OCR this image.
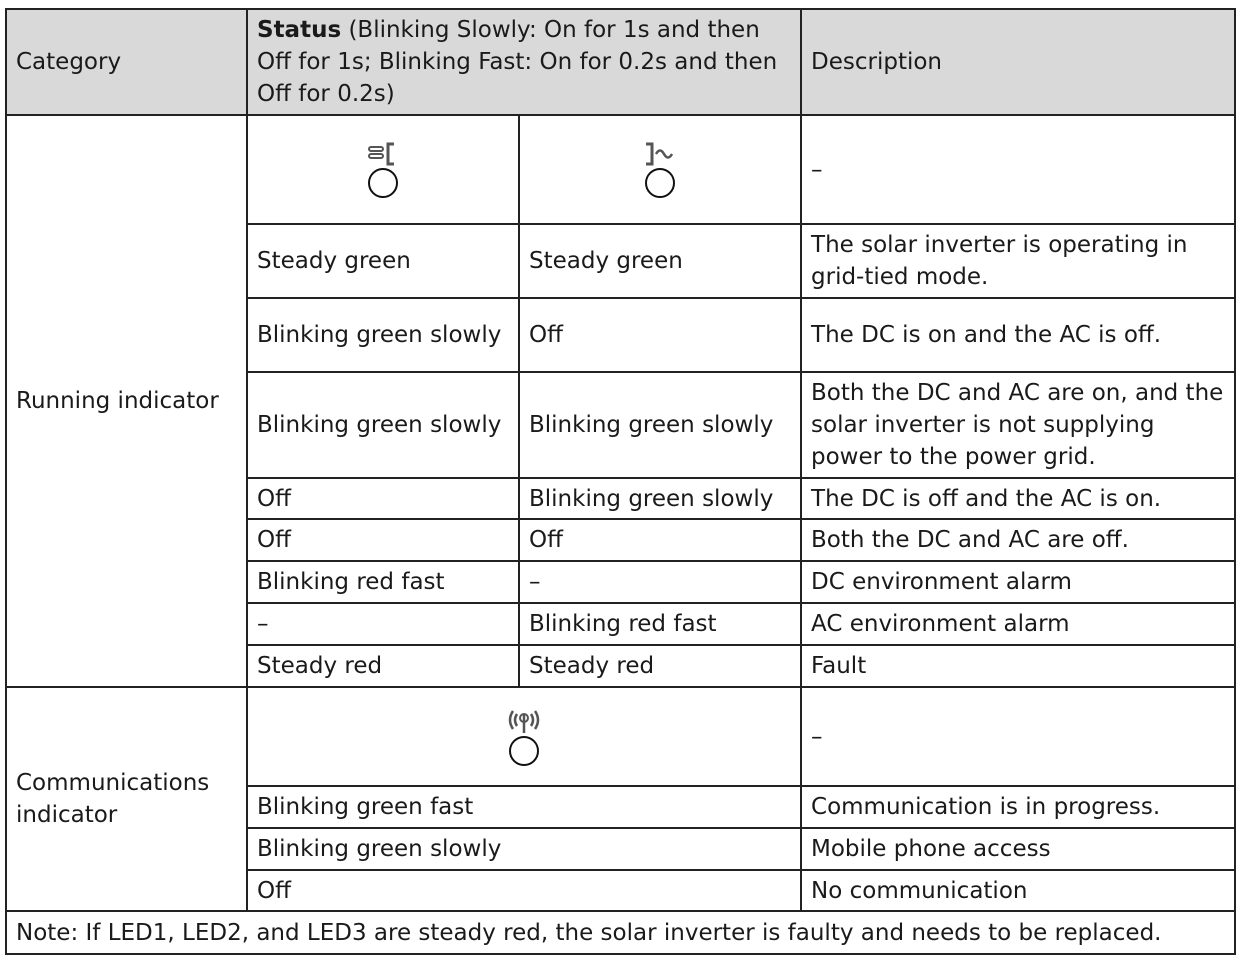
Category	Status (Blinking Slowly: On for 1s and then Off for 1s; Blinking Fast: On for 0.2s and then Off for 0.2s)		Description
Running indicator			–
	Steady green	Steady green	The solar inverter is operating in grid-tied mode.
	Blinking green slowly	Off	The DC is on and the AC is off.
	Blinking green slowly	Blinking green slowly	Both the DC and AC are on, and the solar inverter is not supplying power to the power grid.
	Off	Blinking green slowly	The DC is off and the AC is on.
	Off	Off	Both the DC and AC are off.
	Blinking red fast	–	DC environment alarm
	–	Blinking red fast	AC environment alarm
	Steady red	Steady red	Fault
Communications indicator			–
	Blinking green fast		Communication is in progress.
	Blinking green slowly		Mobile phone access
	Off		No communication
Note: If LED1, LED2, and LED3 are steady red, the solar inverter is faulty and needs to be replaced.			
